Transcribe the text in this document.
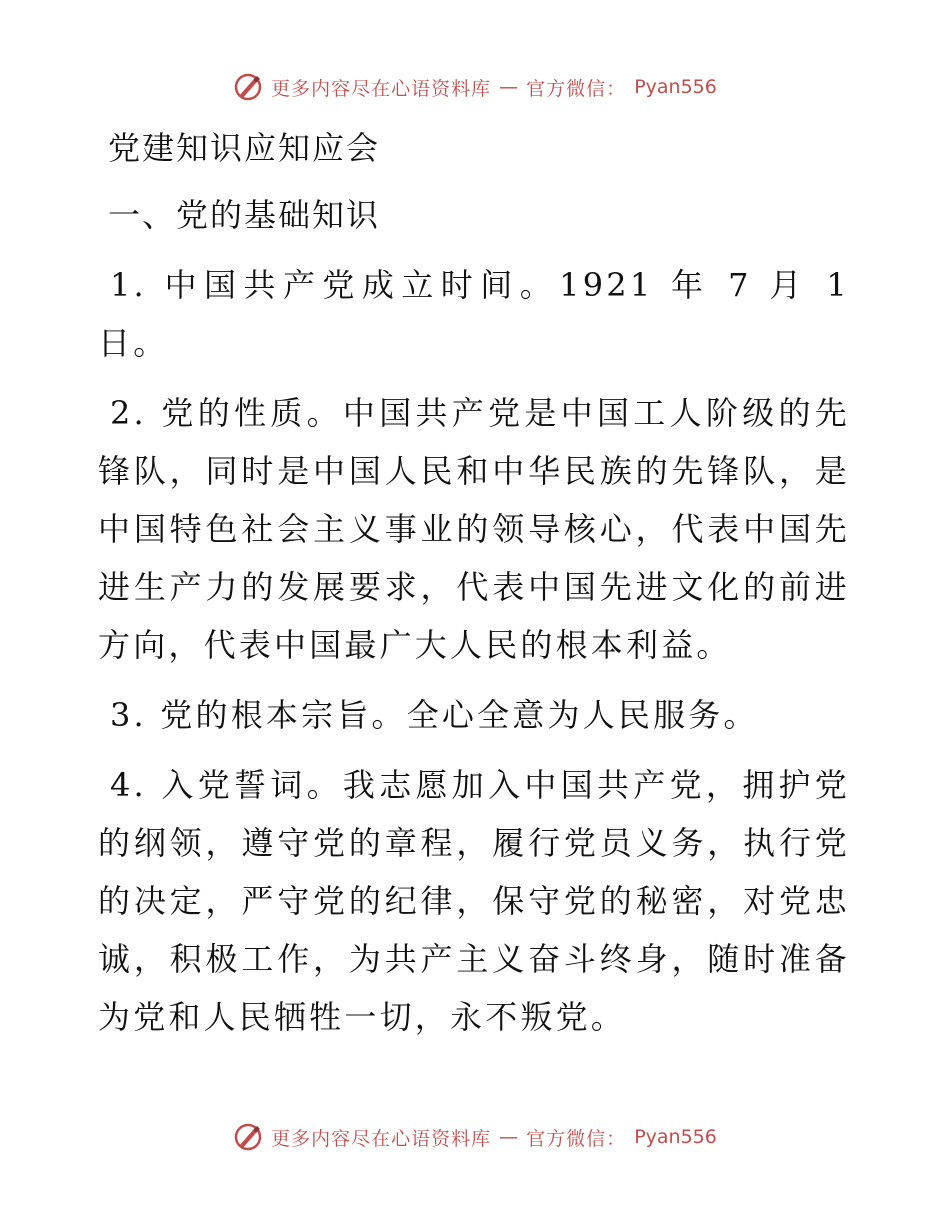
更多内容尽在心语资料库 — 官方微信： Pyan556
党建知识应知应会
一、党的基础知识

1. 中国共产党成立时间。1921 年 7 月 1 日。

2. 党的性质。中国共产党是中国工人阶级的先锋队，同时是中国人民和中华民族的先锋队，是中国特色社会主义事业的领导核心，代表中国先进生产力的发展要求，代表中国先进文化的前进方向，代表中国最广大人民的根本利益。

3. 党的根本宗旨。全心全意为人民服务。

4. 入党誓词。我志愿加入中国共产党，拥护党的纲领，遵守党的章程，履行党员义务，执行党的决定，严守党的纪律，保守党的秘密，对党忠诚，积极工作，为共产主义奋斗终身，随时准备为党和人民牺牲一切，永不叛党。

更多内容尽在心语资料库 — 官方微信： Pyan556
